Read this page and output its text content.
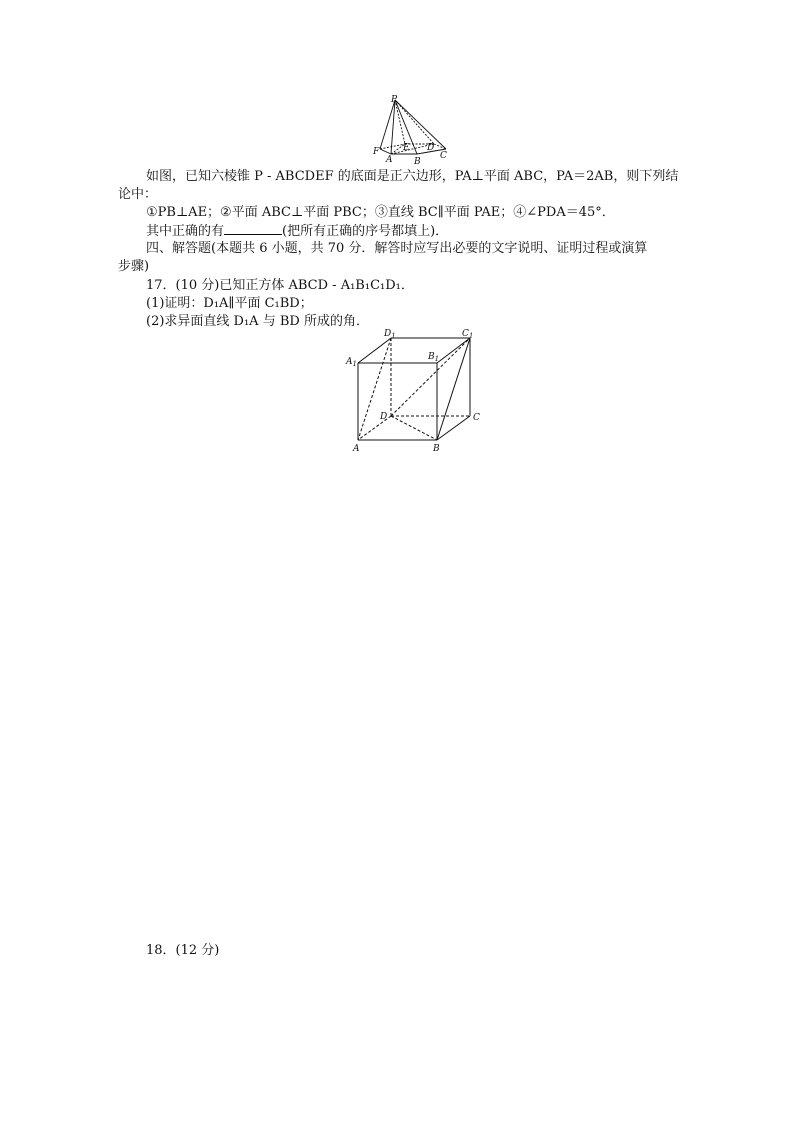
P
F
A
E D
B
C
如图，已知六棱锥 P - ABCDEF 的底面是正六边形，PA⊥平面 ABC，PA＝2AB，则下列结
论中：
①PB⊥AE；②平面 ABC⊥平面 PBC；③直线 BC∥平面 PAE；④∠PDA＝45°．
其中正确的有	(把所有正确的序号都填上)．
四、解答题(本题共 6 小题，共 70 分．解答时应写出必要的文字说明、证明过程或演算
步骤)
17．(10 分)已知正方体 ABCD - A₁B₁C₁D₁．
(1)证明：D₁A∥平面 C₁BD；
(2)求异面直线 D₁A 与 BD 所成的角．
$D_1$	$C_1$
$A_1$
$B_1$
D	C
A	B
18．(12 分)
